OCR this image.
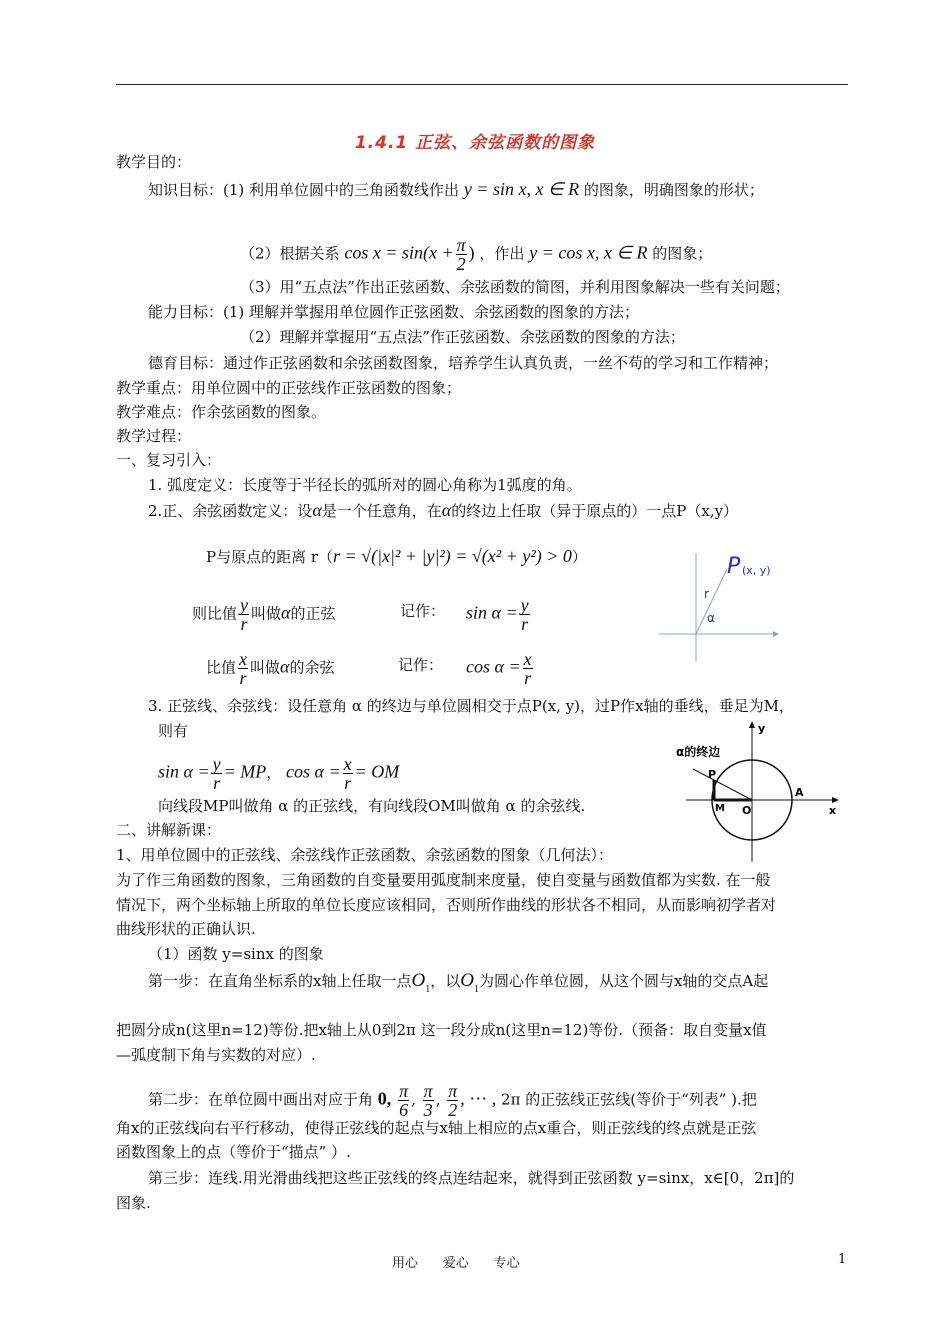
1.4.1 正弦、余弦函数的图象
教学目的：
知识目标：(1) 利用单位圆中的三角函数线作出 y = sin x, x ∈ R 的图象，明确图象的形状；
（2）根据关系 $\cos x = \sin(x + \frac{\pi}{2}$ ) ，作出 y = cos x, x ∈ R 的图象；
（3）用“五点法”作出正弦函数、余弦函数的简图，并利用图象解决一些有关问题；
能力目标：(1) 理解并掌握用单位圆作正弦函数、余弦函数的图象的方法；
（2）理解并掌握用“五点法”作正弦函数、余弦函数的图象的方法；
德育目标：通过作正弦函数和余弦函数图象，培养学生认真负责，一丝不苟的学习和工作精神；
教学重点：用单位圆中的正弦线作正弦函数的图象；
教学难点：作余弦函数的图象。
教学过程：
一、复习引入：
1. 弧度定义：长度等于半径长的弧所对的圆心角称为1弧度的角。
2.正、余弦函数定义：设α是一个任意角，在α的终边上任取（异于原点的）一点P（x,y）
P与原点的距离 r（r = √(|x|² + |y|²) = √(x² + y²) > 0）
则比值 $\frac{y}{r}$ 叫做α的正弦	记作： $\sin \alpha = \frac{y}{r}$
比值 $\frac{x}{r}$ 叫做α的余弦	记作： $\cos \alpha = \frac{x}{r}$
P (x, y)
r
α
3. 正弦线、余弦线：设任意角 α 的终边与单位圆相交于点P(x, y)，过P作x轴的垂线，垂足为M，
则有
$\sin \alpha = \frac{y}{r}$ = MP， $\cos \alpha = \frac{x}{r}$ = OM
向线段MP叫做角 α 的正弦线，有向线段OM叫做角 α 的余弦线.
α的终边
y
x
P
M O
A
二、讲解新课：
1、用单位圆中的正弦线、余弦线作正弦函数、余弦函数的图象（几何法）：
为了作三角函数的图象，三角函数的自变量要用弧度制来度量，使自变量与函数值都为实数. 在一般
情况下，两个坐标轴上所取的单位长度应该相同，否则所作曲线的形状各不相同，从而影响初学者对
曲线形状的正确认识.
（1）函数 y=sinx 的图象
第一步：在直角坐标系的x轴上任取一点$O_1$，以$O_1$为圆心作单位圆，从这个圆与x轴的交点A起
把圆分成n(这里n=12)等份.把x轴上从0到2π 这一段分成n(这里n=12)等份.（预备：取自变量x值
—弧度制下角与实数的对应）.
第二步：在单位圆中画出对应于角 0, $\frac{\pi}{6}$ , $\frac{\pi}{3}$ , $\frac{\pi}{2}$ , ⋯ , 2π 的正弦线正弦线(等价于“列表” ).把
角x的正弦线向右平行移动，使得正弦线的起点与x轴上相应的点x重合，则正弦线的终点就是正弦
函数图象上的点（等价于“描点” ）.
第三步：连线.用光滑曲线把这些正弦线的终点连结起来，就得到正弦函数 y=sinx，x∈[0，2π]的
图象.
用心      爱心      专心	1
